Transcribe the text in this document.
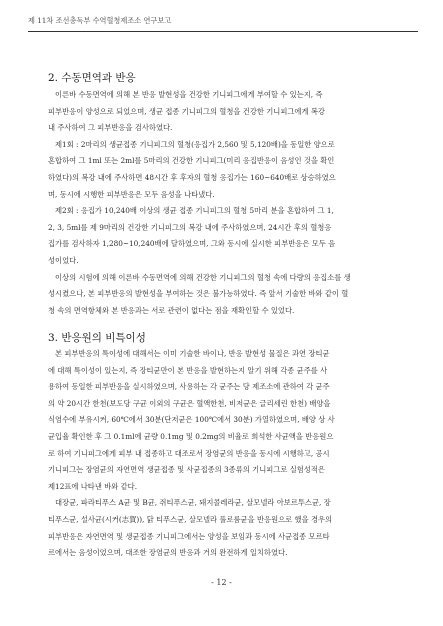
제 11차 조선총독부 수역혈청제조소 연구보고
2. 수동면역과 반응
이른바 수동면역에 의해 본 반응 발현성을 건강한 기니피그에게 부여할 수 있는지, 즉
피부반응이 양성으로 되었으며, 생균 접종 기니피그의 혈청을 건강한 기니피그에게 복강
내 주사하여 그 피부반응을 검사하였다.
제1회 : 2마리의 생균접종 기니피그의 혈청(응집가 2,560 및 5,120배)을 동일한 양으로
혼합하여 그 1ml 또는 2ml를 5마리의 건강한 기니피그(미리 응집반응이 음성인 것을 확인
하였다)의 복강 내에 주사하면 48시간 후 후자의 혈청 응집가는 160~640배로 상승하였으
며, 동시에 시행한 피부반응은 모두 음성을 나타냈다.
제2회 : 응집가 10,240배 이상의 생균 접종 기니피그의 혈청 5마리 분을 혼합하여 그 1,
2, 3, 5ml를 제 9마리의 건강한 기니피그의 복강 내에 주사하였으며, 24시간 후의 혈청응
집가를 검사하자 1,280~10,240배에 달하였으며, 그와 동시에 실시한 피부반응은 모두 음
성이었다.
이상의 시험에 의해 이른바 수동면역에 의해 건강한 기니피그의 혈청 속에 다량의 응집소를 생
성시켰으나, 본 피부반응의 발현성을 부여하는 것은 불가능하였다. 즉 앞서 기술한 바와 같이 혈
청 속의 면역항체와 본 반응과는 서로 관련이 없다는 점을 재확인할 수 있었다.
3. 반응원의 비특이성
본 피부반응의 특이성에 대해서는 이미 기술한 바이나, 반응 발현성 물질은 과연 장티균
에 대해 특이성이 있는지, 즉 장티균만이 본 반응을 발현하는지 알기 위해 각종 균주를 사
용하여 동일한 피부반응을 실시하였으며, 사용하는 각 균주는 당 제조소에 관하여 각 균주
의 약 20시간 한천(보도당 구균 이외의 구균은 혈액한천, 비저균은 글리세린 한천) 배양을
식염수에 부유시켜, 60℃에서 30분(단저균은 100℃에서 30분) 가열하였으며, 배양 상 사
균입율 확인한 후 그 0.1ml에 균량 0.1mg 및 0.2mg의 비율로 희석한 사균액을 반응원으
로 하여 기니피그에게 피부 내 접종하고 대조로서 장염균의 반응을 동시에 시행하고, 공시
기니피그는 장염균의 자연면역 생균접종 및 사균접종의 3종류의 기니피그로 실험성적은
제12표에 나타낸 바와 같다.
대장균, 파라티푸스 A균 및 B균, 쥐티푸스균, 돼지콜레라균, 살모넬라 아보르투스균, 장
티푸스균, 설사균(시커(志賀)), 닭 티푸스균, 살모넬라 풀로룸균을 반응원으로 했을 경우의
피부반응은 자연면역 및 생균접종 기니피그에서는 양성을 보임과 동시에 사균접종 모르타
르에서는 음성이었으며, 대조한 장염균의 반응과 거의 완전하게 일치하였다.
- 12 -
